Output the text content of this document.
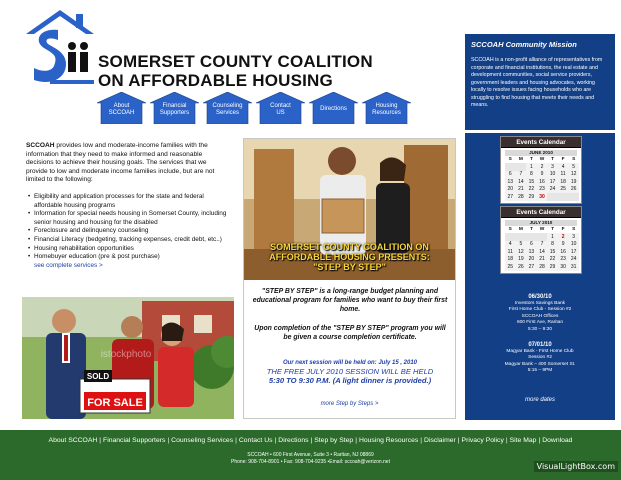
SOMERSET COUNTY COALITION
ON AFFORDABLE HOUSING
About
SCCOAH
Financial
Supporters
Counseling
Services
Contact
US
Directions	Housing
Resources
SCCOAH Community Mission
SCCOAH is a non-profit alliance of representatives from corporate and financial institutions, the real estate and development communities, social service providers, government leaders and housing advocates, working locally to resolve issues facing households who are struggling to find housing that meets their needs and means.

SCCOAH provides low and moderate-income families with the information that they need to make informed and reasonable decisions to achieve their housing goals. The services that we provide to low and moderate income families include, but are not limited to the following:

• Eligibility and application processes for the state and federal affordable housing programs
• Information for special needs housing in Somerset County, including senior housing and housing for the disabled
• Foreclosure and delinquency counseling
• Financial Literacy (bedgeting, tracking expenses, credit debt, etc..)
• Housing rehabilitation opportunities
• Homebuyer education (pre & post purchase)
see complete services >
SOLD
FOR SALE
istockphoto
SOMERSET COUNTY COALITION ON
AFFORDABLE HOUSING PRESENTS:
"STEP BY STEP"

"STEP BY STEP" is a long-range budget planning and educational program for families who want to buy their first home.

Upon completion of the "STEP BY STEP" program you will be given a course completion certificate.

Our next session will be held on: July 15 , 2010
THE FREE JULY 2010 SESSION WILL BE HELD
5:30 TO 9:30 P.M. (A light dinner is provided.)
more Step by Steps >
Events Calendar
JUNE 2010
S	M	T	W	T	F	S
		1	2	3	4	5
6	7	8	9	10	11	12
13	14	15	16	17	18	19
20	21	22	23	24	25	26
27	28	29	30			
Events Calendar
JULY 2010
S	M	T	W	T	F	S
				1	2	3
4	5	6	7	8	9	10
11	12	13	14	15	16	17
18	19	20	21	22	23	24
25	26	27	28	29	30	31
06/30/10
Investors Savings Bank
First Home Club - Session #2
SCCOAH Offices
600 First Ave, Raritan
5:30 – 9:30
07/01/10
Magyar Bank - First Home Club
Session #2
Magyar Bank – 400 Somerset St.
5:15 – 9PM
more dates
About SCCOAH | Financial Supporters | Counseling Services | Contact Us | Directions | Step by Step | Housing Resources | Disclaimer | Privacy Policy | Site Map | Download
SCCOAH • 600 First Avenue, Suite 3 • Raritan, NJ 08869
Phone: 908-704-8901 • Fax: 908-704-9235 •Email: sccoah@verizon.net	VisualLightBox.com
